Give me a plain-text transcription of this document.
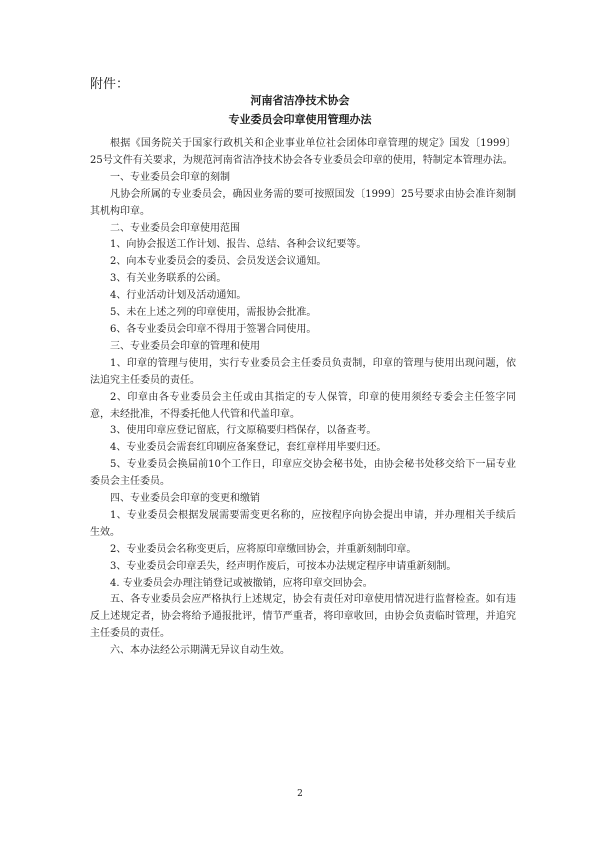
附件：

河南省洁净技术协会

专业委员会印章使用管理办法

根据《国务院关于国家行政机关和企业事业单位社会团体印章管理的规定》国发〔1999〕25号文件有关要求，为规范河南省洁净技术协会各专业委员会印章的使用，特制定本管理办法。

一、专业委员会印章的刻制

凡协会所属的专业委员会，确因业务需的要可按照国发〔1999〕25号要求由协会准许刻制其机构印章。

二、专业委员会印章使用范围

1、向协会报送工作计划、报告、总结、各种会议纪要等。

2、向本专业委员会的委员、会员发送会议通知。

3、有关业务联系的公函。

4、行业活动计划及活动通知。

5、未在上述之列的印章使用，需报协会批准。

6、各专业委员会印章不得用于签署合同使用。

三、专业委员会印章的管理和使用

1、印章的管理与使用，实行专业委员会主任委员负责制，印章的管理与使用出现问题，依法追究主任委员的责任。

2、印章由各专业委员会主任或由其指定的专人保管，印章的使用须经专委会主任签字同意，未经批准，不得委托他人代管和代盖印章。

3、使用印章应登记留底，行文原稿要归档保存，以备查考。

4、专业委员会需套红印刷应备案登记，套红章样用毕要归还。

5、专业委员会换届前10个工作日，印章应交协会秘书处，由协会秘书处移交给下一届专业委员会主任委员。

四、专业委员会印章的变更和缴销

1、专业委员会根据发展需要需变更名称的，应按程序向协会提出申请，并办理相关手续后生效。

2、专业委员会名称变更后，应将原印章缴回协会，并重新刻制印章。

3、专业委员会印章丢失，经声明作废后，可按本办法规定程序申请重新刻制。

4. 专业委员会办理注销登记或被撤销，应将印章交回协会。

五、各专业委员会应严格执行上述规定，协会有责任对印章使用情况进行监督检查。如有违反上述规定者，协会将给予通报批评，情节严重者，将印章收回，由协会负责临时管理，并追究主任委员的责任。

六、本办法经公示期满无异议自动生效。

2
